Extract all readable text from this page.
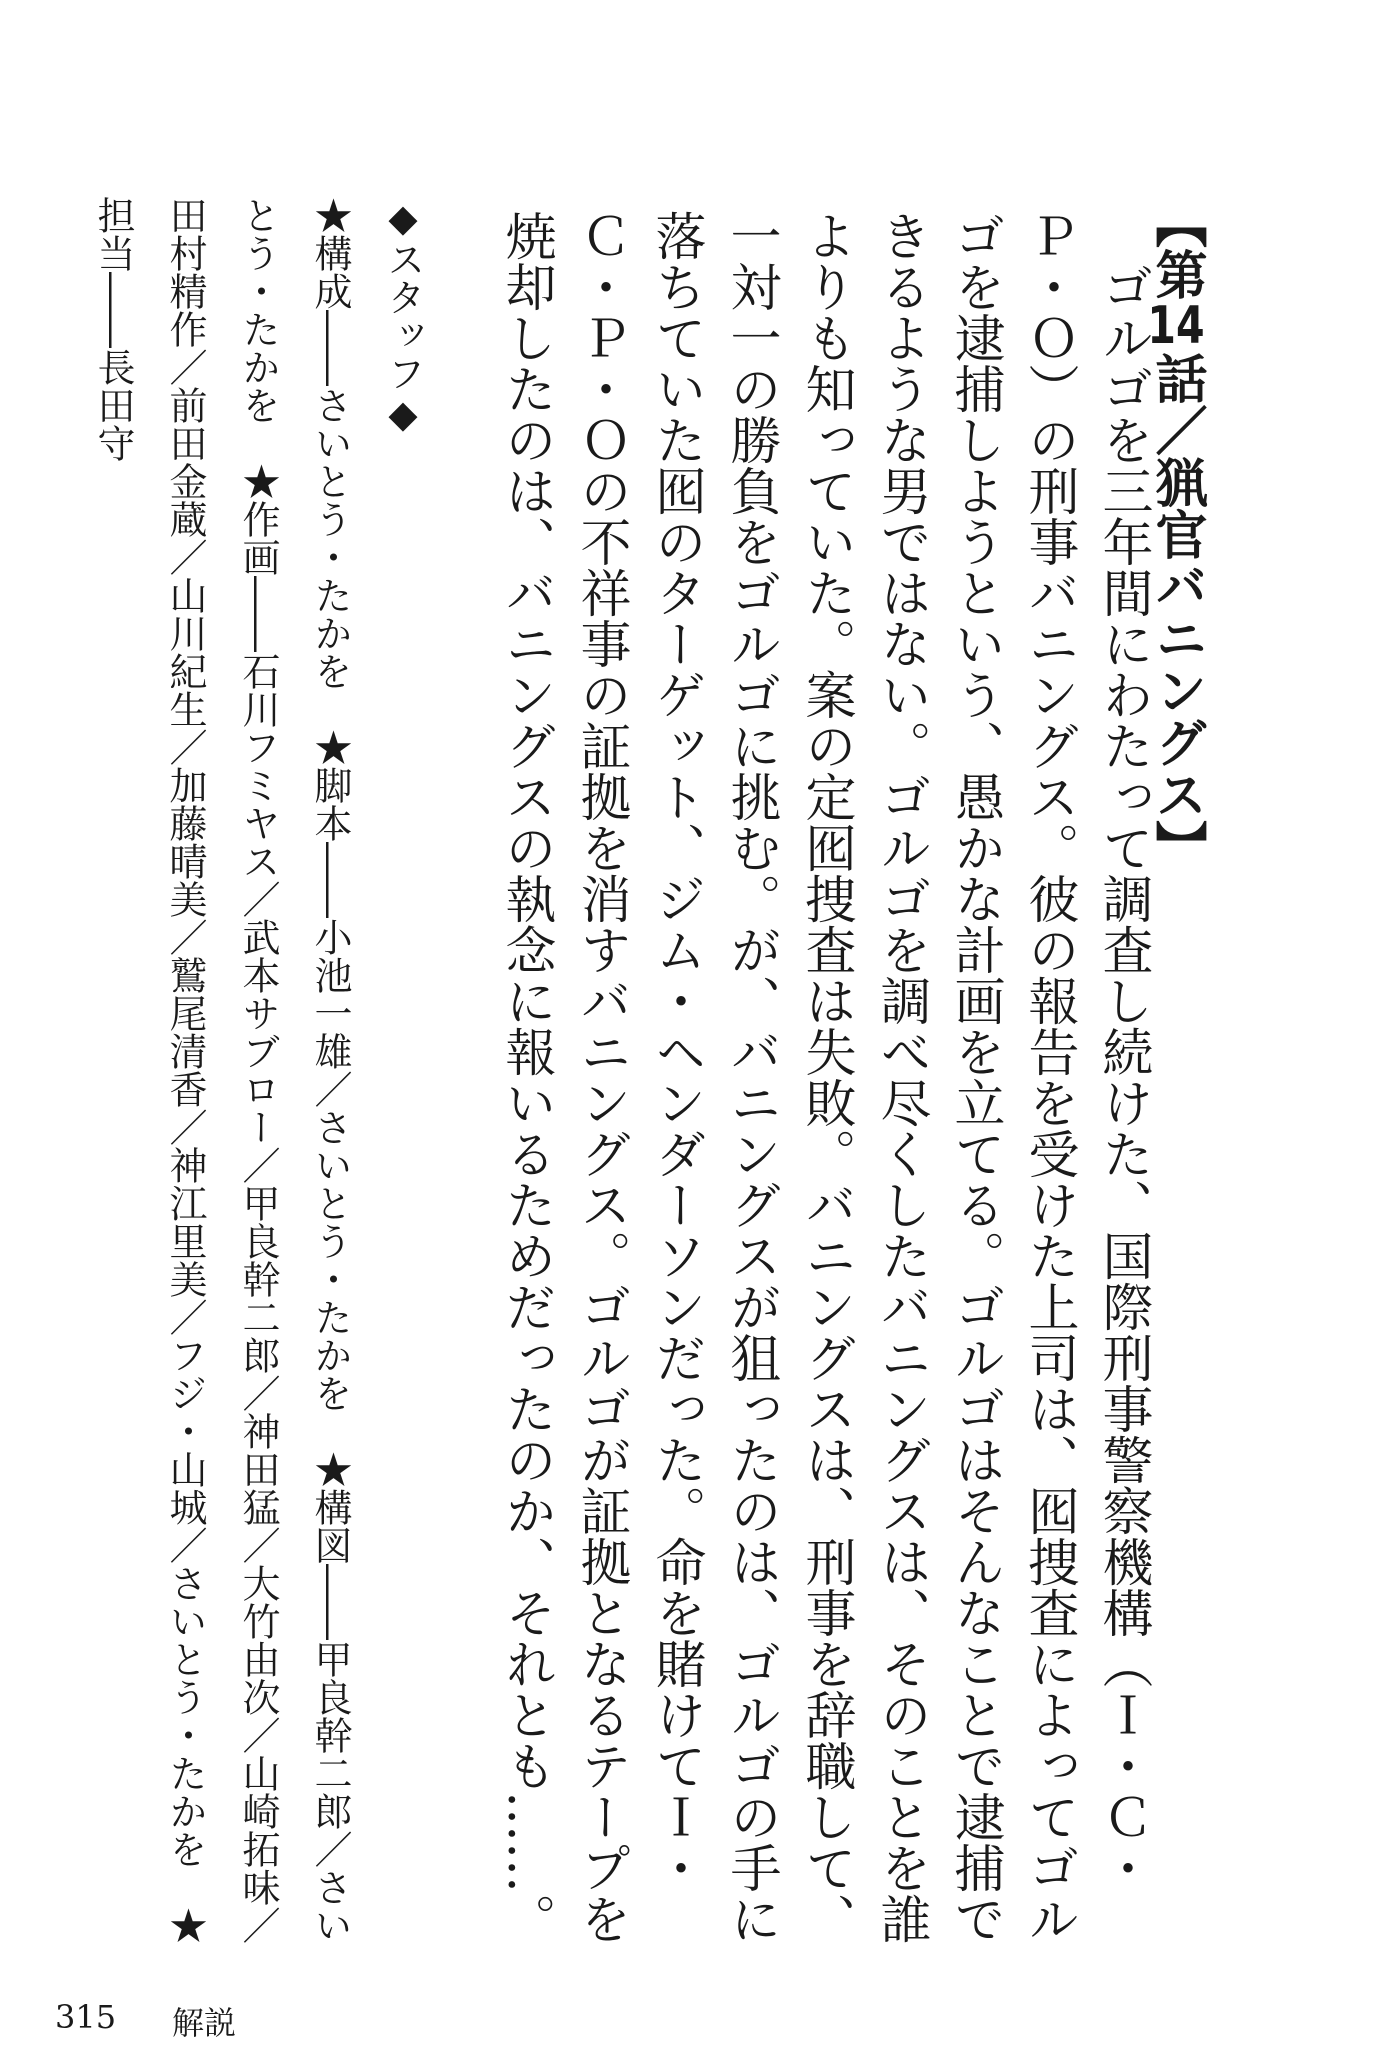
【第14話／猟官バニングス】
　ゴルゴを三年間にわたって調査し続けた、国際刑事警察機構（Ｉ・Ｃ・
Ｐ・Ｏ）の刑事バニングス。彼の報告を受けた上司は、囮捜査によってゴル
ゴを逮捕しようという、愚かな計画を立てる。ゴルゴはそんなことで逮捕で
きるような男ではない。ゴルゴを調べ尽くしたバニングスは、そのことを誰
よりも知っていた。案の定囮捜査は失敗。バニングスは、刑事を辞職して、
一対一の勝負をゴルゴに挑む。が、バニングスが狙ったのは、ゴルゴの手に
落ちていた囮のターゲット、ジム・ヘンダーソンだった。命を賭けてＩ・
Ｃ・Ｐ・Ｏの不祥事の証拠を消すバニングス。ゴルゴが証拠となるテープを
焼却したのは、バニングスの執念に報いるためだったのか、それとも……。
◆スタッフ◆
★構成――さいとう・たかを　★脚本――小池一雄／さいとう・たかを　★構図――甲良幹二郎／さい
とう・たかを　★作画――石川フミヤス／武本サブロー／甲良幹二郎／神田猛／大竹由次／山崎拓味／
田村精作／前田金蔵／山川紀生／加藤晴美／鷲尾清香／神江里美／フジ・山城／さいとう・たかを　★
担当――長田守
315 解説
